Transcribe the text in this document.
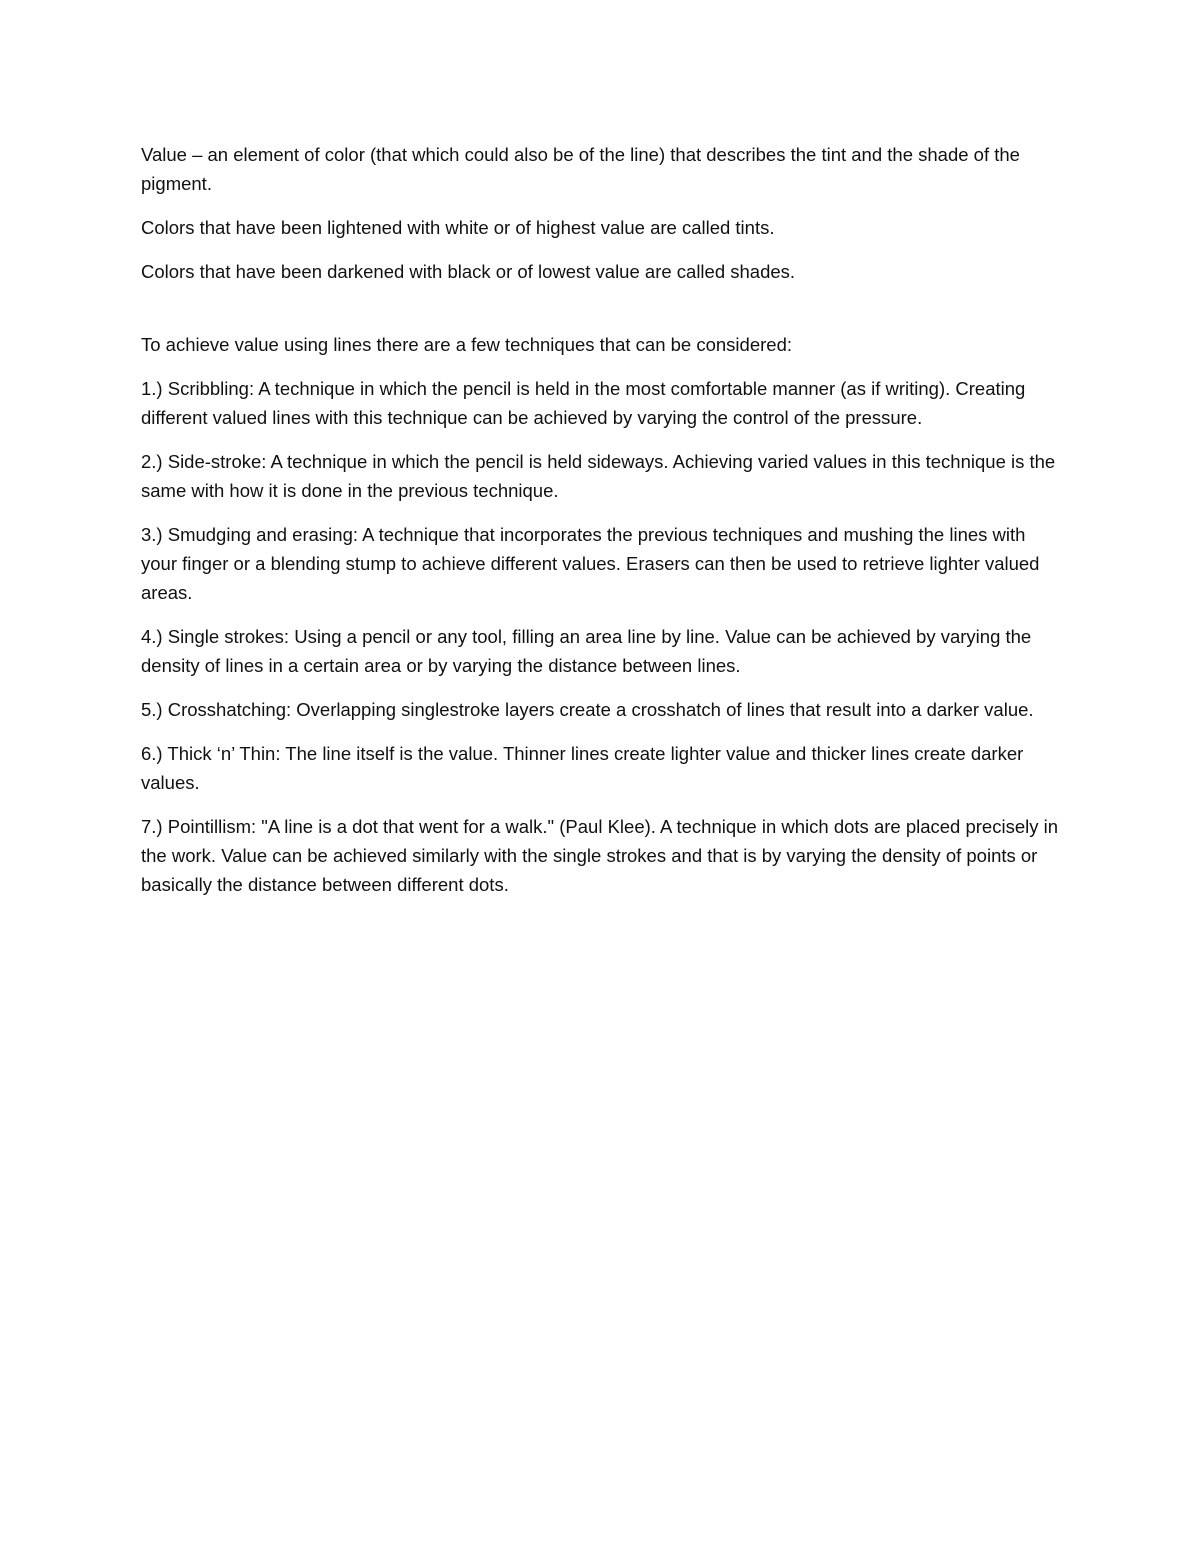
Value – an element of color (that which could also be of the line) that describes the tint and the shade of the pigment.

Colors that have been lightened with white or of highest value are called tints.

Colors that have been darkened with black or of lowest value are called shades.

To achieve value using lines there are a few techniques that can be considered:

1.) Scribbling: A technique in which the pencil is held in the most comfortable manner (as if writing). Creating different valued lines with this technique can be achieved by varying the control of the pressure.

2.) Side-stroke: A technique in which the pencil is held sideways. Achieving varied values in this technique is the same with how it is done in the previous technique.

3.) Smudging and erasing: A technique that incorporates the previous techniques and mushing the lines with your finger or a blending stump to achieve different values. Erasers can then be used to retrieve lighter valued areas.

4.) Single strokes: Using a pencil or any tool, filling an area line by line. Value can be achieved by varying the density of lines in a certain area or by varying the distance between lines.

5.) Crosshatching: Overlapping singlestroke layers create a crosshatch of lines that result into a darker value.

6.) Thick ‘n’ Thin: The line itself is the value. Thinner lines create lighter value and thicker lines create darker values.

7.) Pointillism: "A line is a dot that went for a walk." (Paul Klee). A technique in which dots are placed precisely in the work. Value can be achieved similarly with the single strokes and that is by varying the density of points or basically the distance between different dots.
